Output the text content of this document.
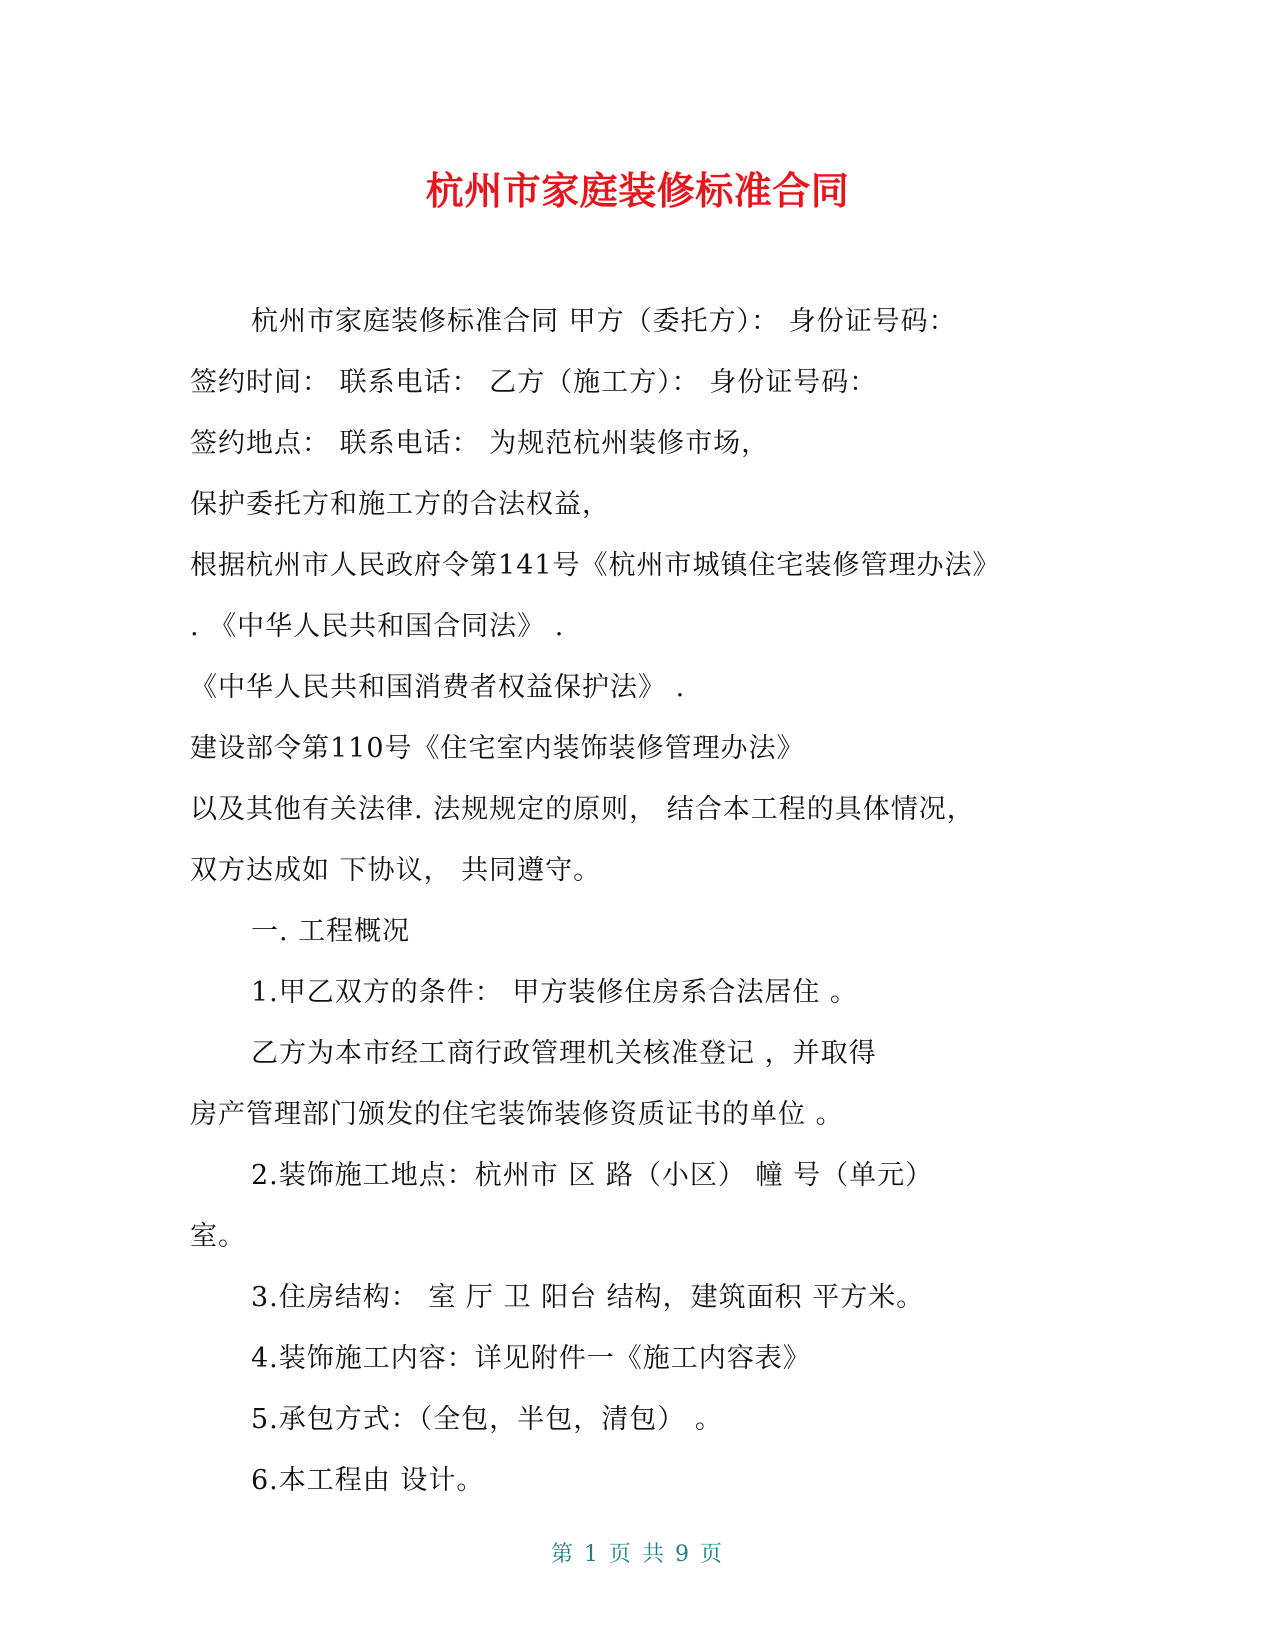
杭州市家庭装修标准合同
杭州市家庭装修标准合同 甲方（委托方）： 身份证号码：
签约时间： 联系电话： 乙方（施工方）： 身份证号码：
签约地点： 联系电话： 为规范杭州装修市场，
保护委托方和施工方的合法权益，
根据杭州市人民政府令第141号《杭州市城镇住宅装修管理办法》
. 《中华人民共和国合同法》 .
《中华人民共和国消费者权益保护法》 .
建设部令第110号《住宅室内装饰装修管理办法》
以及其他有关法律. 法规规定的原则， 结合本工程的具体情况，
双方达成如 下协议， 共同遵守。
一. 工程概况
1.甲乙双方的条件： 甲方装修住房系合法居住 。
乙方为本市经工商行政管理机关核准登记 ，并取得
房产管理部门颁发的住宅装饰装修资质证书的单位 。
2.装饰施工地点：杭州市 区 路（小区） 幢 号（单元）
室。
3.住房结构： 室 厅 卫 阳台 结构，建筑面积 平方米。
4.装饰施工内容：详见附件一《施工内容表》
5.承包方式：（全包，半包，清包） 。
6.本工程由 设计。
第 1 页 共 9 页
